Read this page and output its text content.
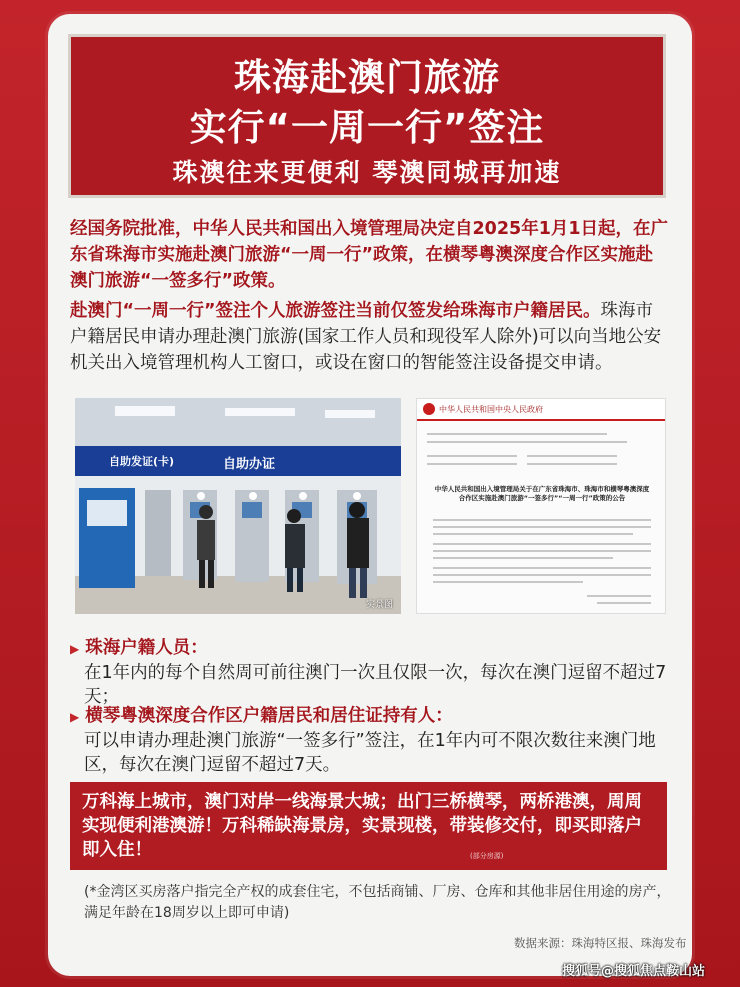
珠海赴澳门旅游
实行“一周一行”签注
珠澳往来更便利 琴澳同城再加速
经国务院批准，中华人民共和国出入境管理局决定自2025年1月1日起，在广东省珠海市实施赴澳门旅游“一周一行”政策，在横琴粤澳深度合作区实施赴澳门旅游“一签多行”政策。
赴澳门“一周一行”签注个人旅游签注当前仅签发给珠海市户籍居民。珠海市户籍居民申请办理赴澳门旅游(国家工作人员和现役军人除外)可以向当地公安机关出入境管理机构人工窗口，或设在窗口的智能签注设备提交申请。
自助发证(卡)	自助办证
实景图
中华人民共和国中央人民政府
中华人民共和国出入境管理局关于在广东省珠海市、珠海市和横琴粤澳深度合作区实施赴澳门旅游“一签多行”“一周一行”政策的公告
▶ 珠海户籍人员：
在1年内的每个自然周可前往澳门一次且仅限一次，每次在澳门逗留不超过7天；
▶ 横琴粤澳深度合作区户籍居民和居住证持有人：
可以申请办理赴澳门旅游“一签多行”签注，在1年内可不限次数往来澳门地区，每次在澳门逗留不超过7天。
万科海上城市，澳门对岸一线海景大城；出门三桥横琴，两桥港澳，周周实现便利港澳游！万科稀缺海景房，实景现楼，带装修交付，即买即落户即入住！	(部分房源)
(*金湾区买房落户指完全产权的成套住宅，不包括商铺、厂房、仓库和其他非居住用途的房产，满足年龄在18周岁以上即可申请)
数据来源：珠海特区报、珠海发布
搜狐号@搜狐焦点鞍山站
